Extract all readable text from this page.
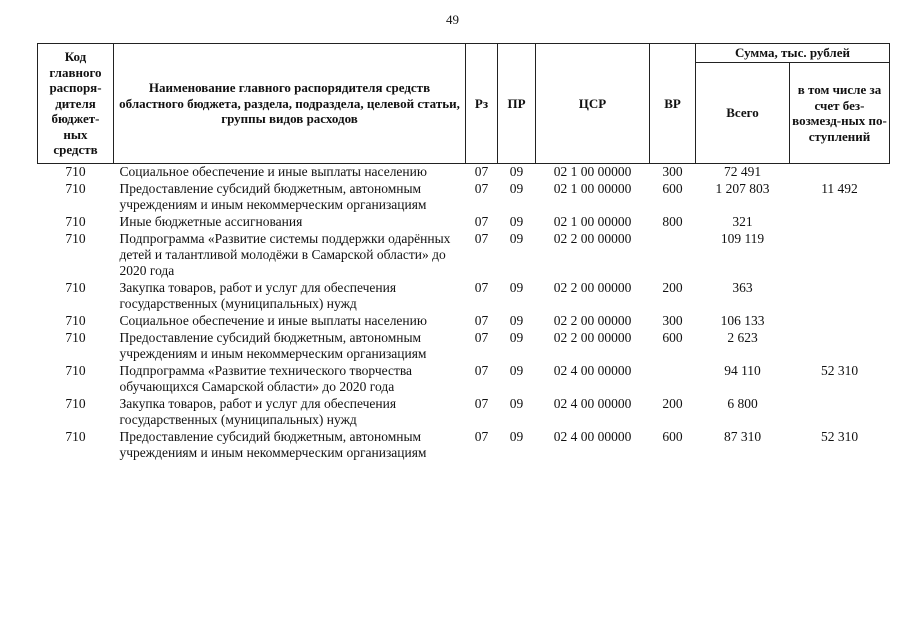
49
Код главного распоря-дителя бюджет-ных средств	Наименование главного распорядителя средств областного бюджета, раздела, подраздела, целевой статьи, группы видов расходов	Рз	ПР	ЦСР	ВР	Сумма, тыс. рублей	
						Всего	в том числе за счет без-возмезд-ных по-ступлений
710	Социальное обеспечение и иные выплаты населению	07	09	02 1 00 00000	300	72 491	
710	Предоставление субсидий бюджетным, автономным учреждениям и иным некоммерческим организациям	07	09	02 1 00 00000	600	1 207 803	11 492
710	Иные бюджетные ассигнования	07	09	02 1 00 00000	800	321	
710	Подпрограмма «Развитие системы поддержки одарённых детей и талантливой молодёжи в Самарской области» до 2020 года	07	09	02 2 00 00000		109 119	
710	Закупка товаров, работ и услуг для обеспечения государственных (муниципальных) нужд	07	09	02 2 00 00000	200	363	
710	Социальное обеспечение и иные выплаты населению	07	09	02 2 00 00000	300	106 133	
710	Предоставление субсидий бюджетным, автономным учреждениям и иным некоммерческим организациям	07	09	02 2 00 00000	600	2 623	
710	Подпрограмма «Развитие технического творчества обучающихся Самарской области» до 2020 года	07	09	02 4 00 00000		94 110	52 310
710	Закупка товаров, работ и услуг для обеспечения государственных (муниципальных) нужд	07	09	02 4 00 00000	200	6 800	
710	Предоставление субсидий бюджетным, автономным учреждениям и иным некоммерческим организациям	07	09	02 4 00 00000	600	87 310	52 310
